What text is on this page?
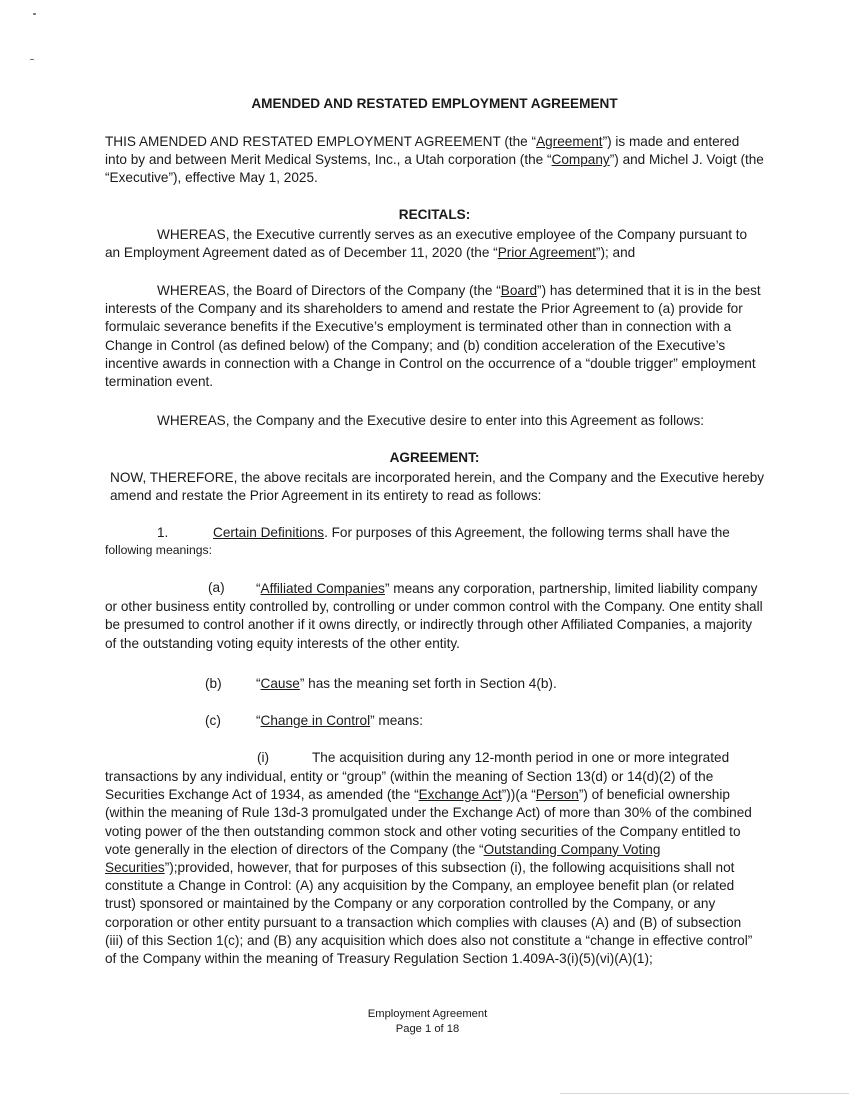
AMENDED AND RESTATED EMPLOYMENT AGREEMENT

THIS AMENDED AND RESTATED EMPLOYMENT AGREEMENT (the “Agreement”) is made and entered into by and between Merit Medical Systems, Inc., a Utah corporation (the “Company”) and Michel J. Voigt (the “Executive”), effective May 1, 2025.

RECITALS:

WHEREAS, the Executive currently serves as an executive employee of the Company pursuant to an Employment Agreement dated as of December 11, 2020 (the “Prior Agreement”); and

WHEREAS, the Board of Directors of the Company (the “Board”) has determined that it is in the best interests of the Company and its shareholders to amend and restate the Prior Agreement to (a) provide for formulaic severance benefits if the Executive’s employment is terminated other than in connection with a Change in Control (as defined below) of the Company; and (b) condition acceleration of the Executive’s incentive awards in connection with a Change in Control on the occurrence of a “double trigger” employment termination event.

WHEREAS, the Company and the Executive desire to enter into this Agreement as follows:

AGREEMENT:

NOW, THEREFORE, the above recitals are incorporated herein, and the Company and the Executive hereby amend and restate the Prior Agreement in its entirety to read as follows:

1.	Certain Definitions. For purposes of this Agreement, the following terms shall have the
following meanings:
(a)	“Affiliated Companies” means any corporation, partnership, limited liability company or other business entity controlled by, controlling or under common control with the Company. One entity shall be presumed to control another if it owns directly, or indirectly through other Affiliated Companies, a majority of the outstanding voting equity interests of the other entity.

(b)	“Cause” has the meaning set forth in Section 4(b).
(c)	“Change in Control” means:
(i)	The acquisition during any 12-month period in one or more integrated

transactions by any individual, entity or “group” (within the meaning of Section 13(d) or 14(d)(2) of the Securities Exchange Act of 1934, as amended (the “Exchange Act”))(a “Person”) of beneficial ownership (within the meaning of Rule 13d-3 promulgated under the Exchange Act) of more than 30% of the combined voting power of the then outstanding common stock and other voting securities of the Company entitled to vote generally in the election of directors of the Company (the “Outstanding Company Voting Securities”);provided, however, that for purposes of this subsection (i), the following acquisitions shall not constitute a Change in Control: (A) any acquisition by the Company, an employee benefit plan (or related trust) sponsored or maintained by the Company or any corporation controlled by the Company, or any corporation or other entity pursuant to a transaction which complies with clauses (A) and (B) of subsection (iii) of this Section 1(c); and (B) any acquisition which does also not constitute a “change in effective control” of the Company within the meaning of Treasury Regulation Section 1.409A-3(i)(5)(vi)(A)(1);

Employment Agreement
Page 1 of 18
